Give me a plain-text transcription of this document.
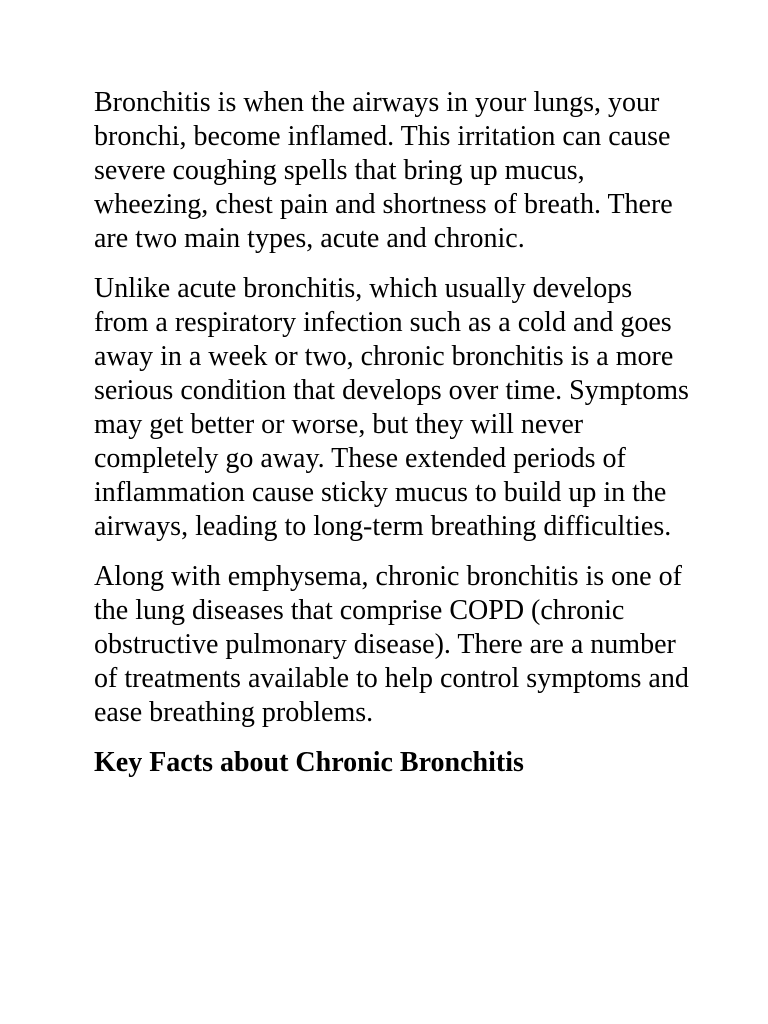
Bronchitis is when the airways in your lungs, your bronchi, become inflamed. This irritation can cause severe coughing spells that bring up mucus, wheezing, chest pain and shortness of breath. There are two main types, acute and chronic.

Unlike acute bronchitis, which usually develops from a respiratory infection such as a cold and goes away in a week or two, chronic bronchitis is a more serious condition that develops over time. Symptoms may get better or worse, but they will never completely go away. These extended periods of inflammation cause sticky mucus to build up in the airways, leading to long-term breathing difficulties.

Along with emphysema, chronic bronchitis is one of the lung diseases that comprise COPD (chronic obstructive pulmonary disease). There are a number of treatments available to help control symptoms and ease breathing problems.

Key Facts about Chronic Bronchitis
